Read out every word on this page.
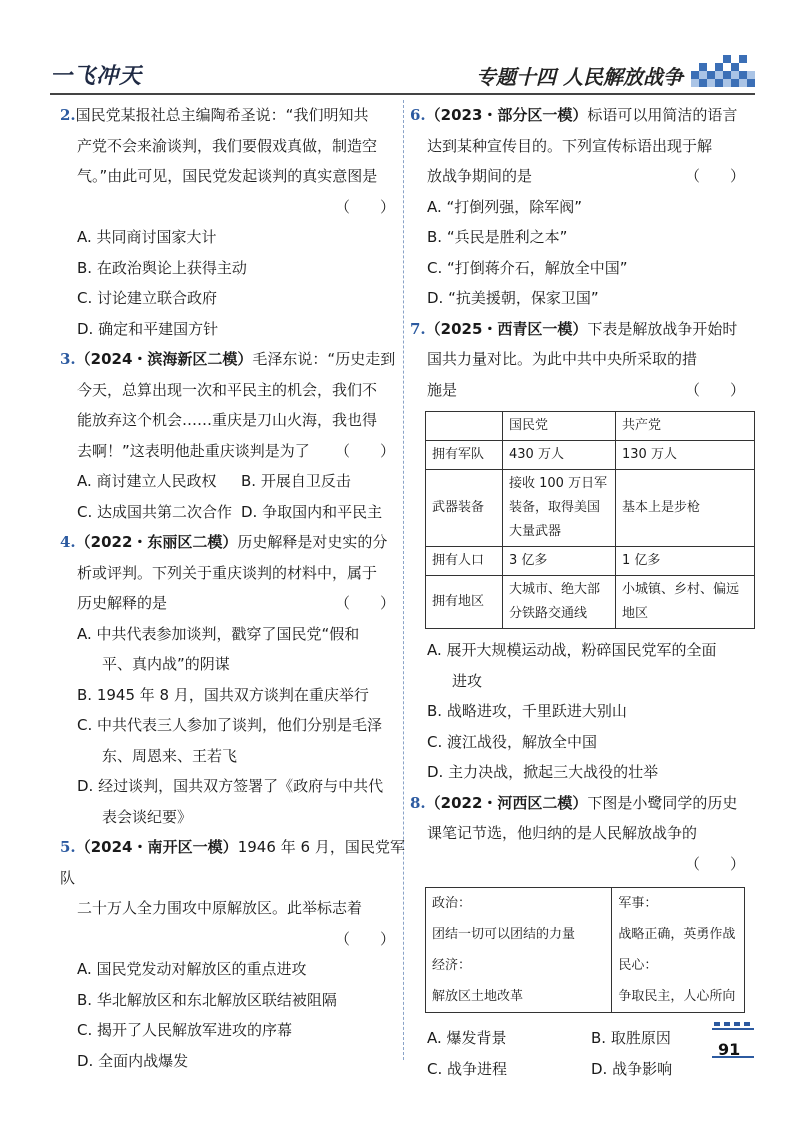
一飞冲天	专题十四 人民解放战争
2.国民党某报社总主编陶希圣说：“我们明知共
产党不会来渝谈判，我们要假戏真做，制造空
气。”由此可见，国民党发起谈判的真实意图是
（　　）
A. 共同商讨国家大计
B. 在政治舆论上获得主动
C. 讨论建立联合政府
D. 确定和平建国方针
3.（2024・滨海新区二模）毛泽东说：“历史走到
今天，总算出现一次和平民主的机会，我们不
能放弃这个机会……重庆是刀山火海，我也得
去啊！”这表明他赴重庆谈判是为了 （　　）
A. 商讨建立人民政权	B. 开展自卫反击
C. 达成国共第二次合作 D. 争取国内和平民主
4.（2022・东丽区二模）历史解释是对史实的分
析或评判。下列关于重庆谈判的材料中，属于
历史解释的是	（　　）
A. 中共代表参加谈判，戳穿了国民党“假和
平、真内战”的阴谋
B. 1945 年 8 月，国共双方谈判在重庆举行
C. 中共代表三人参加了谈判，他们分别是毛泽
东、周恩来、王若飞
D. 经过谈判，国共双方签署了《政府与中共代
表会谈纪要》
5.（2024・南开区一模）1946 年 6 月，国民党军队
二十万人全力围攻中原解放区。此举标志着
（　　）
A. 国民党发动对解放区的重点进攻
B. 华北解放区和东北解放区联结被阻隔
C. 揭开了人民解放军进攻的序幕
D. 全面内战爆发
6.（2023・部分区一模）标语可以用简洁的语言
达到某种宣传目的。下列宣传标语出现于解
放战争期间的是	（　　）
A. “打倒列强，除军阀”
B. “兵民是胜利之本”
C. “打倒蒋介石，解放全中国”
D. “抗美援朝，保家卫国”
7.（2025・西青区一模）下表是解放战争开始时
国共力量对比。为此中共中央所采取的措
施是	（　　）
	国民党	共产党
拥有军队	430 万人	130 万人
武器装备	接收 100 万日军装备，取得美国大量武器	基本上是步枪
拥有人口	3 亿多	1 亿多
拥有地区	大城市、绝大部分铁路交通线	小城镇、乡村、偏远地区
A. 展开大规模运动战，粉碎国民党军的全面
进攻
B. 战略进攻，千里跃进大别山
C. 渡江战役，解放全中国
D. 主力决战，掀起三大战役的壮举
8.（2022・河西区二模）下图是小鹭同学的历史
课笔记节选，他归纳的是人民解放战争的
（　　）
政治：
团结一切可以团结的力量
经济：
解放区土地改革
军事：
战略正确，英勇作战
民心：
争取民主，人心所向
A. 爆发背景	B. 取胜原因
C. 战争进程	D. 战争影响
91
